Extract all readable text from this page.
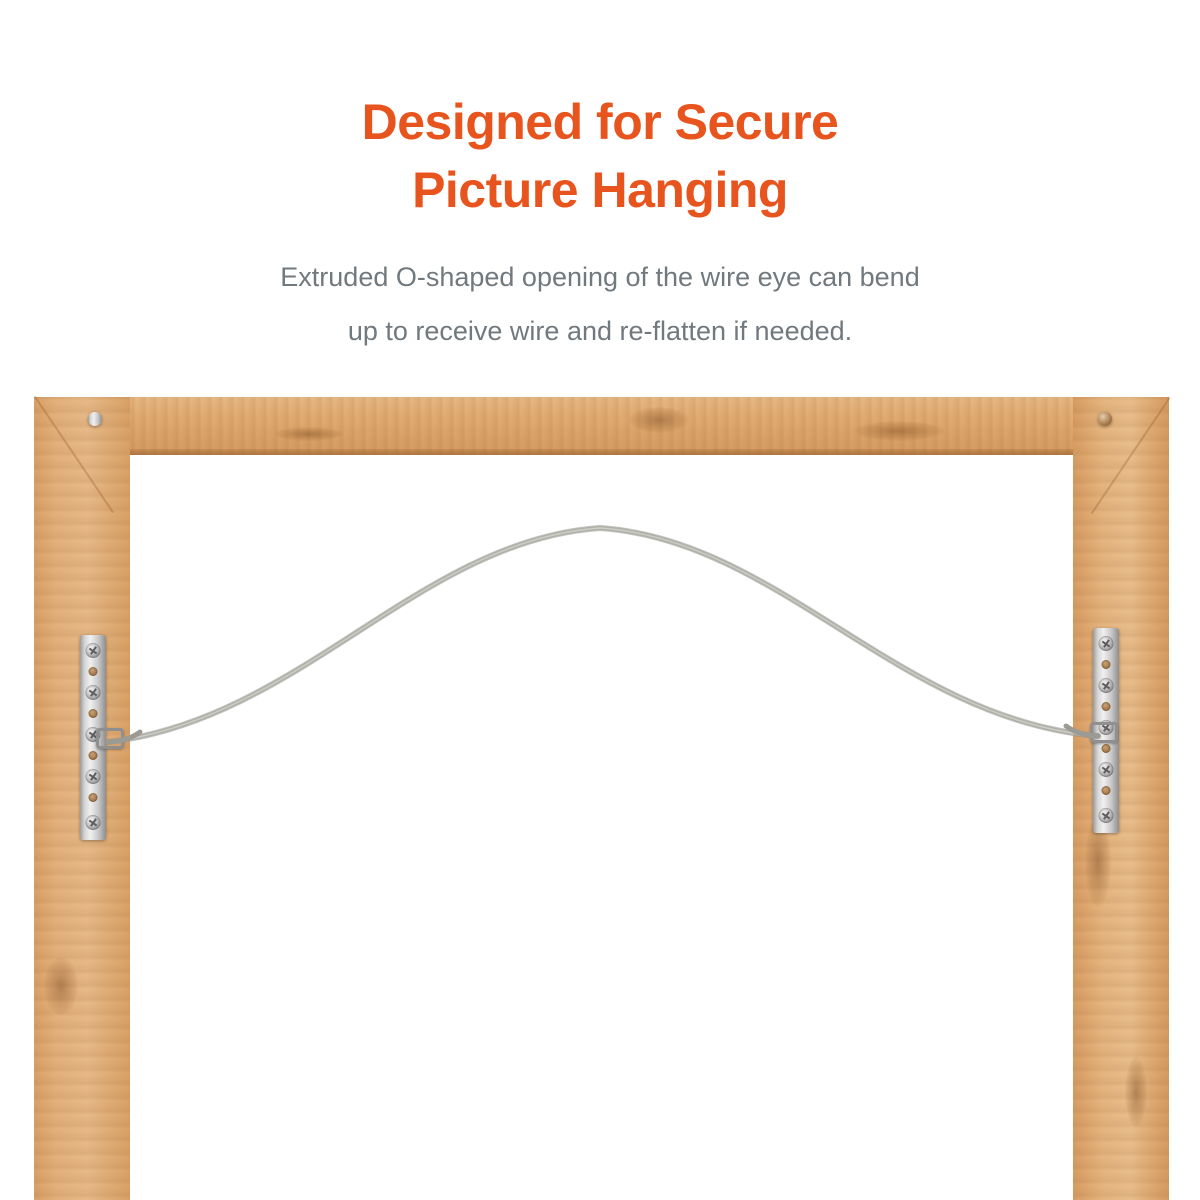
Designed for Secure
Picture Hanging
Extruded O-shaped opening of the wire eye can bend
up to receive wire and re-flatten if needed.
